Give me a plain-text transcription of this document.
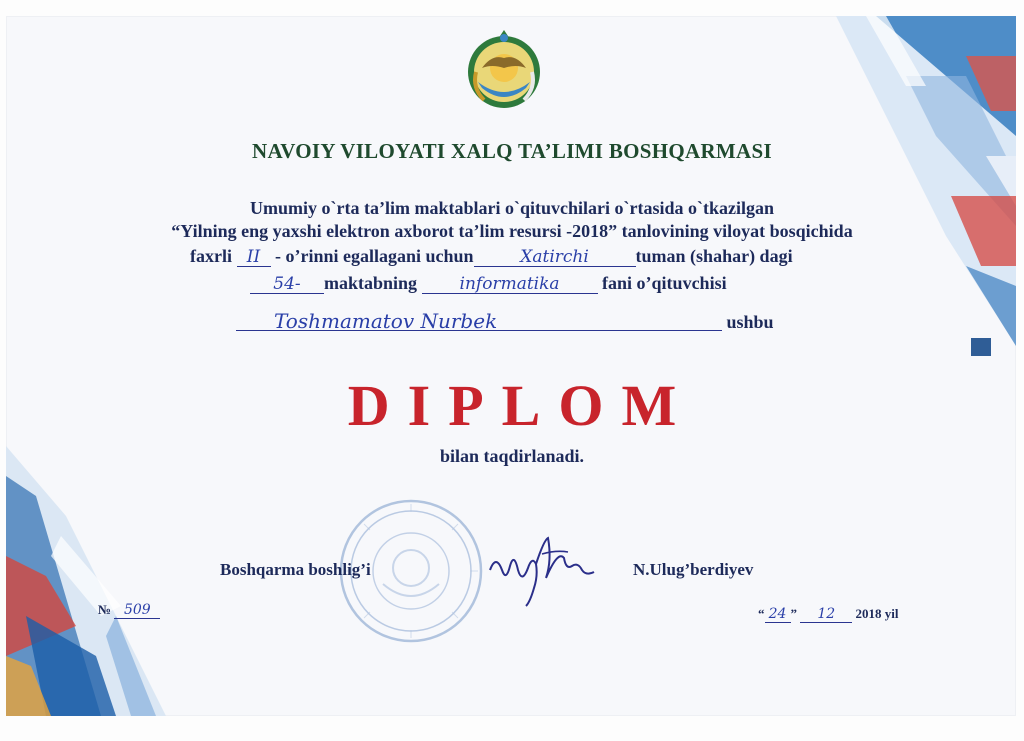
NAVOIY VILOYATI XALQ TA’LIMI BOSHQARMASI
Umumiy o`rta ta’lim maktablari o`qituvchilari o`rtasida o`tkazilgan
“Yilning eng yaxshi elektron axborot ta’lim resursi -2018” tanlovining viloyat bosqichida
faxrli II - o’rinni egallagani uchun	Xatirchi	tuman (shahar) dagi
54- maktabning	informatika fani o’qituvchisi
Toshmamatov Nurbek	ushbu
DIPLOM
bilan taqdirlanadi.
Boshqarma boshlig’i	N.Ulug’berdiyev
№ 509	“ 24 ” 12 2018 yil
